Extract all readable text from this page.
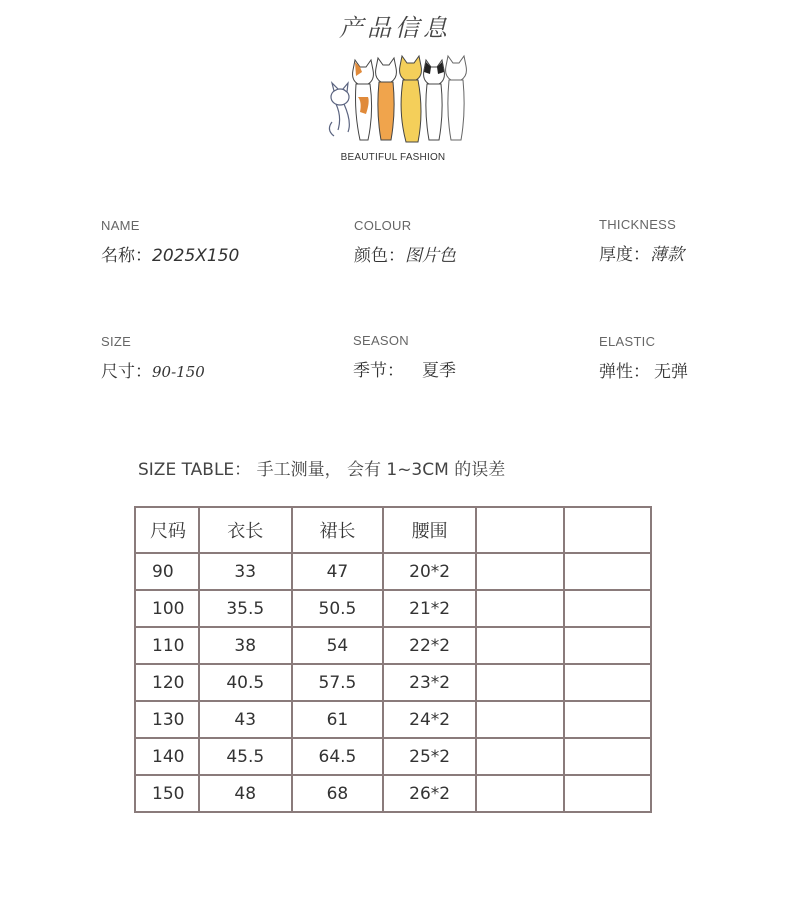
产品信息
BEAUTIFUL FASHION
NAME
名称：2025X150
COLOUR
颜色：图片色
THICKNESS
厚度：薄款
SIZE
尺寸：90-150
SEASON
季节： 夏季
ELASTIC
弹性： 无弹
SIZE TABLE： 手工测量， 会有 1~3CM 的误差
尺码	衣长	裙长	腰围		
90	33	47	20*2		
100	35.5	50.5	21*2		
110	38	54	22*2		
120	40.5	57.5	23*2		
130	43	61	24*2		
140	45.5	64.5	25*2		
150	48	68	26*2		
